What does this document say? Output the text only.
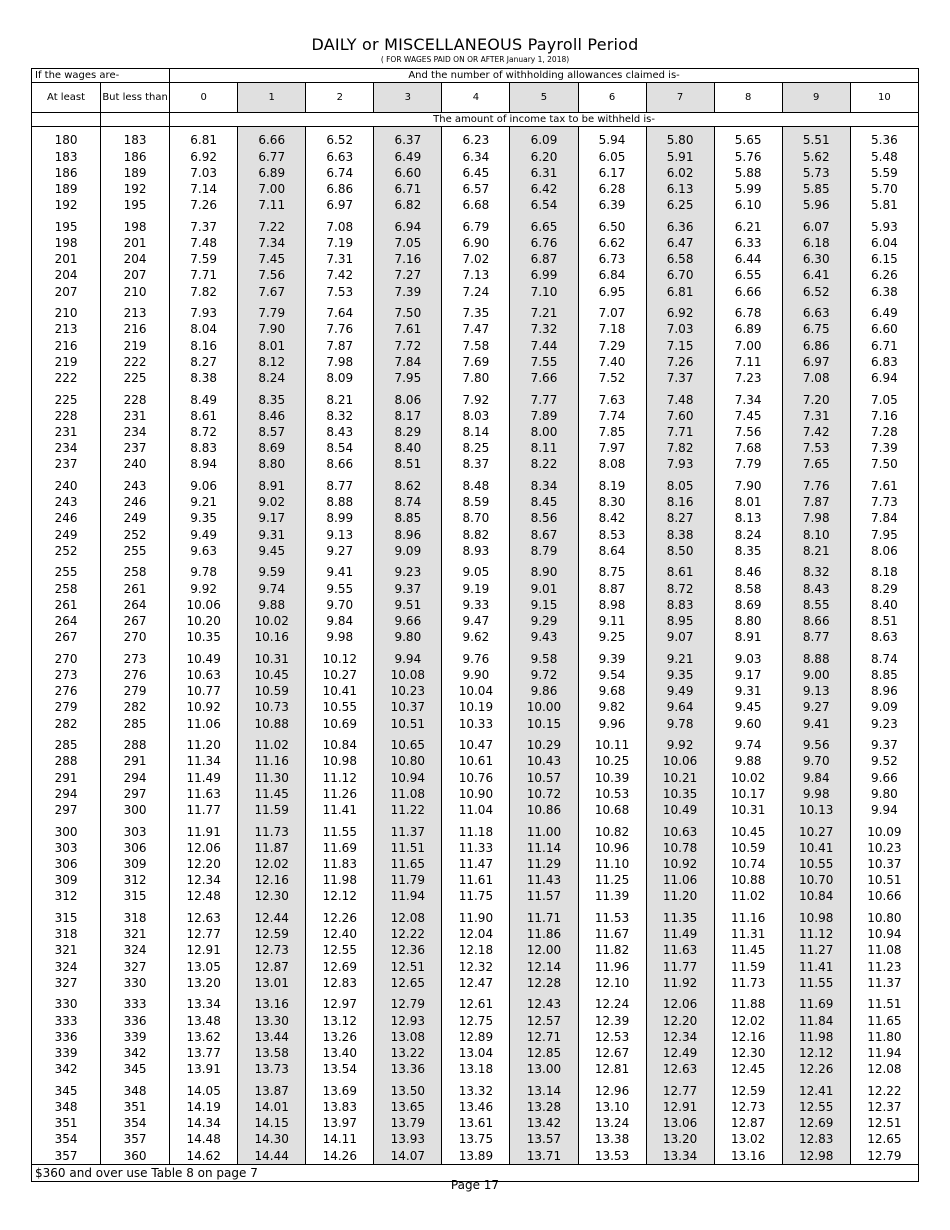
DAILY or MISCELLANEOUS Payroll Period
( FOR WAGES PAID ON OR AFTER January 1, 2018)
If the wages are-		And the number of withholding allowances claimed is-										
At least	But less than	0	1	2	3	4	5	6	7	8	9	10
		The amount of income tax to be withheld is-										

180	183	6.81	6.66	6.52	6.37	6.23	6.09	5.94	5.80	5.65	5.51	5.36
183	186	6.92	6.77	6.63	6.49	6.34	6.20	6.05	5.91	5.76	5.62	5.48
186	189	7.03	6.89	6.74	6.60	6.45	6.31	6.17	6.02	5.88	5.73	5.59
189	192	7.14	7.00	6.86	6.71	6.57	6.42	6.28	6.13	5.99	5.85	5.70
192	195	7.26	7.11	6.97	6.82	6.68	6.54	6.39	6.25	6.10	5.96	5.81

195	198	7.37	7.22	7.08	6.94	6.79	6.65	6.50	6.36	6.21	6.07	5.93
198	201	7.48	7.34	7.19	7.05	6.90	6.76	6.62	6.47	6.33	6.18	6.04
201	204	7.59	7.45	7.31	7.16	7.02	6.87	6.73	6.58	6.44	6.30	6.15
204	207	7.71	7.56	7.42	7.27	7.13	6.99	6.84	6.70	6.55	6.41	6.26
207	210	7.82	7.67	7.53	7.39	7.24	7.10	6.95	6.81	6.66	6.52	6.38

210	213	7.93	7.79	7.64	7.50	7.35	7.21	7.07	6.92	6.78	6.63	6.49
213	216	8.04	7.90	7.76	7.61	7.47	7.32	7.18	7.03	6.89	6.75	6.60
216	219	8.16	8.01	7.87	7.72	7.58	7.44	7.29	7.15	7.00	6.86	6.71
219	222	8.27	8.12	7.98	7.84	7.69	7.55	7.40	7.26	7.11	6.97	6.83
222	225	8.38	8.24	8.09	7.95	7.80	7.66	7.52	7.37	7.23	7.08	6.94

225	228	8.49	8.35	8.21	8.06	7.92	7.77	7.63	7.48	7.34	7.20	7.05
228	231	8.61	8.46	8.32	8.17	8.03	7.89	7.74	7.60	7.45	7.31	7.16
231	234	8.72	8.57	8.43	8.29	8.14	8.00	7.85	7.71	7.56	7.42	7.28
234	237	8.83	8.69	8.54	8.40	8.25	8.11	7.97	7.82	7.68	7.53	7.39
237	240	8.94	8.80	8.66	8.51	8.37	8.22	8.08	7.93	7.79	7.65	7.50

240	243	9.06	8.91	8.77	8.62	8.48	8.34	8.19	8.05	7.90	7.76	7.61
243	246	9.21	9.02	8.88	8.74	8.59	8.45	8.30	8.16	8.01	7.87	7.73
246	249	9.35	9.17	8.99	8.85	8.70	8.56	8.42	8.27	8.13	7.98	7.84
249	252	9.49	9.31	9.13	8.96	8.82	8.67	8.53	8.38	8.24	8.10	7.95
252	255	9.63	9.45	9.27	9.09	8.93	8.79	8.64	8.50	8.35	8.21	8.06

255	258	9.78	9.59	9.41	9.23	9.05	8.90	8.75	8.61	8.46	8.32	8.18
258	261	9.92	9.74	9.55	9.37	9.19	9.01	8.87	8.72	8.58	8.43	8.29
261	264	10.06	9.88	9.70	9.51	9.33	9.15	8.98	8.83	8.69	8.55	8.40
264	267	10.20	10.02	9.84	9.66	9.47	9.29	9.11	8.95	8.80	8.66	8.51
267	270	10.35	10.16	9.98	9.80	9.62	9.43	9.25	9.07	8.91	8.77	8.63

270	273	10.49	10.31	10.12	9.94	9.76	9.58	9.39	9.21	9.03	8.88	8.74
273	276	10.63	10.45	10.27	10.08	9.90	9.72	9.54	9.35	9.17	9.00	8.85
276	279	10.77	10.59	10.41	10.23	10.04	9.86	9.68	9.49	9.31	9.13	8.96
279	282	10.92	10.73	10.55	10.37	10.19	10.00	9.82	9.64	9.45	9.27	9.09
282	285	11.06	10.88	10.69	10.51	10.33	10.15	9.96	9.78	9.60	9.41	9.23

285	288	11.20	11.02	10.84	10.65	10.47	10.29	10.11	9.92	9.74	9.56	9.37
288	291	11.34	11.16	10.98	10.80	10.61	10.43	10.25	10.06	9.88	9.70	9.52
291	294	11.49	11.30	11.12	10.94	10.76	10.57	10.39	10.21	10.02	9.84	9.66
294	297	11.63	11.45	11.26	11.08	10.90	10.72	10.53	10.35	10.17	9.98	9.80
297	300	11.77	11.59	11.41	11.22	11.04	10.86	10.68	10.49	10.31	10.13	9.94

300	303	11.91	11.73	11.55	11.37	11.18	11.00	10.82	10.63	10.45	10.27	10.09
303	306	12.06	11.87	11.69	11.51	11.33	11.14	10.96	10.78	10.59	10.41	10.23
306	309	12.20	12.02	11.83	11.65	11.47	11.29	11.10	10.92	10.74	10.55	10.37
309	312	12.34	12.16	11.98	11.79	11.61	11.43	11.25	11.06	10.88	10.70	10.51
312	315	12.48	12.30	12.12	11.94	11.75	11.57	11.39	11.20	11.02	10.84	10.66

315	318	12.63	12.44	12.26	12.08	11.90	11.71	11.53	11.35	11.16	10.98	10.80
318	321	12.77	12.59	12.40	12.22	12.04	11.86	11.67	11.49	11.31	11.12	10.94
321	324	12.91	12.73	12.55	12.36	12.18	12.00	11.82	11.63	11.45	11.27	11.08
324	327	13.05	12.87	12.69	12.51	12.32	12.14	11.96	11.77	11.59	11.41	11.23
327	330	13.20	13.01	12.83	12.65	12.47	12.28	12.10	11.92	11.73	11.55	11.37

330	333	13.34	13.16	12.97	12.79	12.61	12.43	12.24	12.06	11.88	11.69	11.51
333	336	13.48	13.30	13.12	12.93	12.75	12.57	12.39	12.20	12.02	11.84	11.65
336	339	13.62	13.44	13.26	13.08	12.89	12.71	12.53	12.34	12.16	11.98	11.80
339	342	13.77	13.58	13.40	13.22	13.04	12.85	12.67	12.49	12.30	12.12	11.94
342	345	13.91	13.73	13.54	13.36	13.18	13.00	12.81	12.63	12.45	12.26	12.08

345	348	14.05	13.87	13.69	13.50	13.32	13.14	12.96	12.77	12.59	12.41	12.22
348	351	14.19	14.01	13.83	13.65	13.46	13.28	13.10	12.91	12.73	12.55	12.37
351	354	14.34	14.15	13.97	13.79	13.61	13.42	13.24	13.06	12.87	12.69	12.51
354	357	14.48	14.30	14.11	13.93	13.75	13.57	13.38	13.20	13.02	12.83	12.65
357	360	14.62	14.44	14.26	14.07	13.89	13.71	13.53	13.34	13.16	12.98	12.79
$360 and over use Table 8 on page 7												
Page 17
